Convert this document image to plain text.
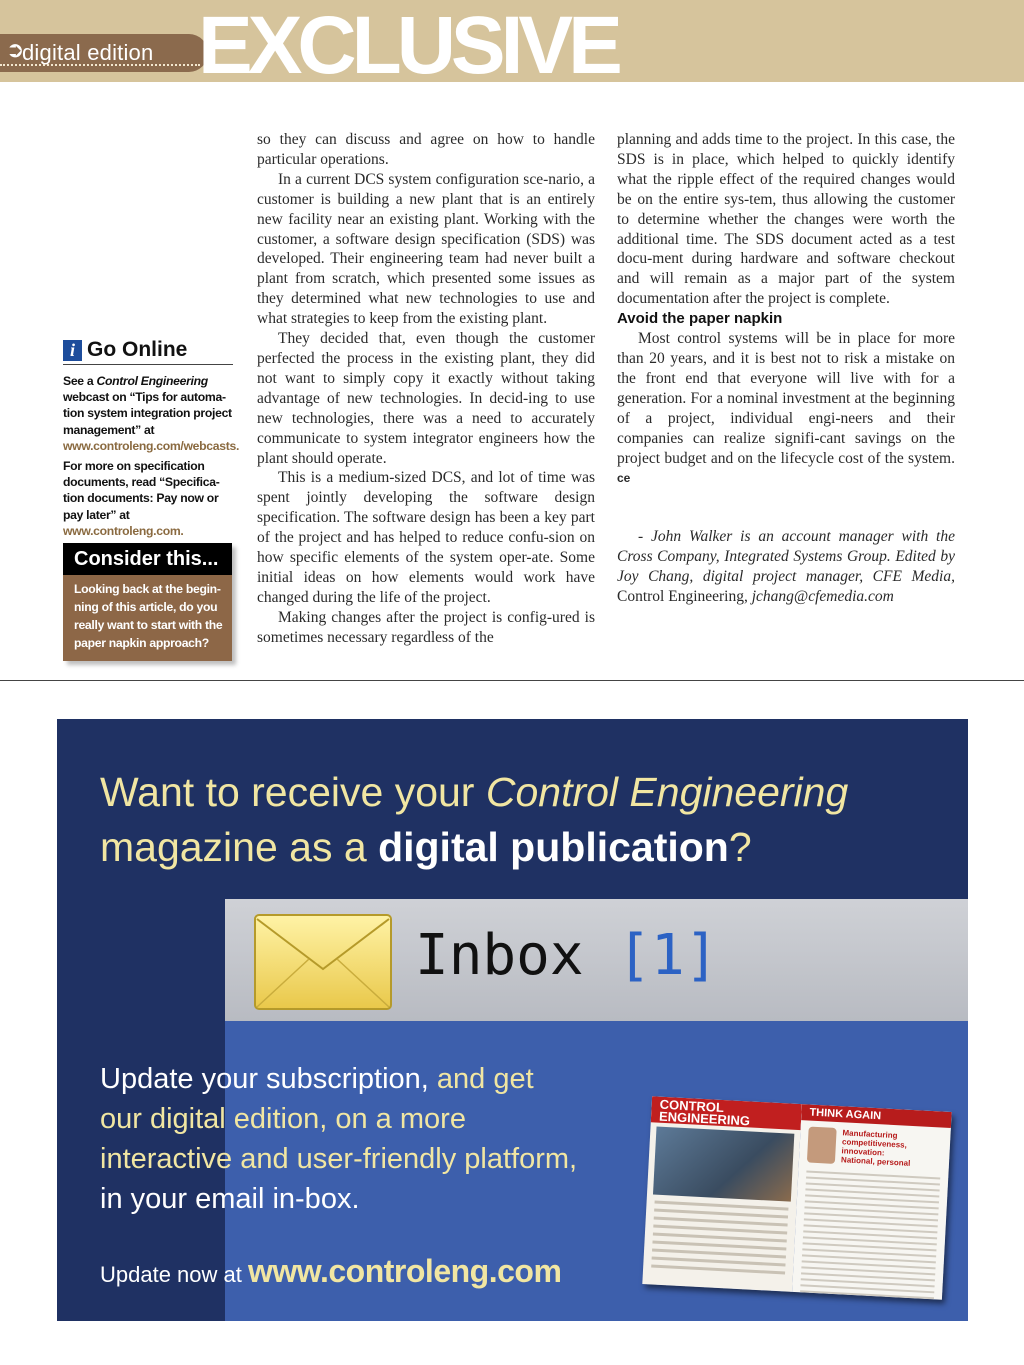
➲
digital edition EXCLUSIVE
i Go Online

See a Control Engineering webcast on “Tips for automa-tion system integration project management” at www.controleng.com/webcasts.

For more on specification documents, read “Specifica-tion documents: Pay now or pay later” at www.controleng.com.

Consider this...
Looking back at the begin-ning of this article, do you really want to start with the paper napkin approach?

so they can discuss and agree on how to handle particular operations.

In a current DCS system configuration sce-nario, a customer is building a new plant that is an entirely new facility near an existing plant. Working with the customer, a software design specification (SDS) was developed. Their engineering team had never built a plant from scratch, which presented some issues as they determined what new technologies to use and what strategies to keep from the existing plant.

They decided that, even though the customer perfected the process in the existing plant, they did not want to simply copy it exactly without taking advantage of new technologies. In decid-ing to use new technologies, there was a need to accurately communicate to system integrator engineers how the plant should operate.

This is a medium-sized DCS, and lot of time was spent jointly developing the software design specification. The software design has been a key part of the project and has helped to reduce confu-sion on how specific elements of the system oper-ate. Some initial ideas on how elements would work have changed during the life of the project.

Making changes after the project is config-ured is sometimes necessary regardless of the

planning and adds time to the project. In this case, the SDS is in place, which helped to quickly identify what the ripple effect of the required changes would be on the entire sys-tem, thus allowing the customer to determine whether the changes were worth the additional time. The SDS document acted as a test docu-ment during hardware and software checkout and will remain as a major part of the system documentation after the project is complete.

Avoid the paper napkin

Most control systems will be in place for more than 20 years, and it is best not to risk a mistake on the front end that everyone will live with for a generation. For a nominal investment at the beginning of a project, individual engi-neers and their companies can realize signifi-cant savings on the project budget and on the lifecycle cost of the system. ce

- John Walker is an account manager with the Cross Company, Integrated Systems Group. Edited by Joy Chang, digital project manager, CFE Media, Control Engineering, jchang@cfemedia.com

Want to receive your Control Engineering
magazine as a digital publication?
Inbox [1]
Update your subscription, and get
our digital edition, on a more
interactive and user-friendly platform,
in your email in-box.
Update now at www.controleng.com
CONTROL ENGINEERING	THINK AGAIN
Manufacturing competitiveness, innovation: National, personal
